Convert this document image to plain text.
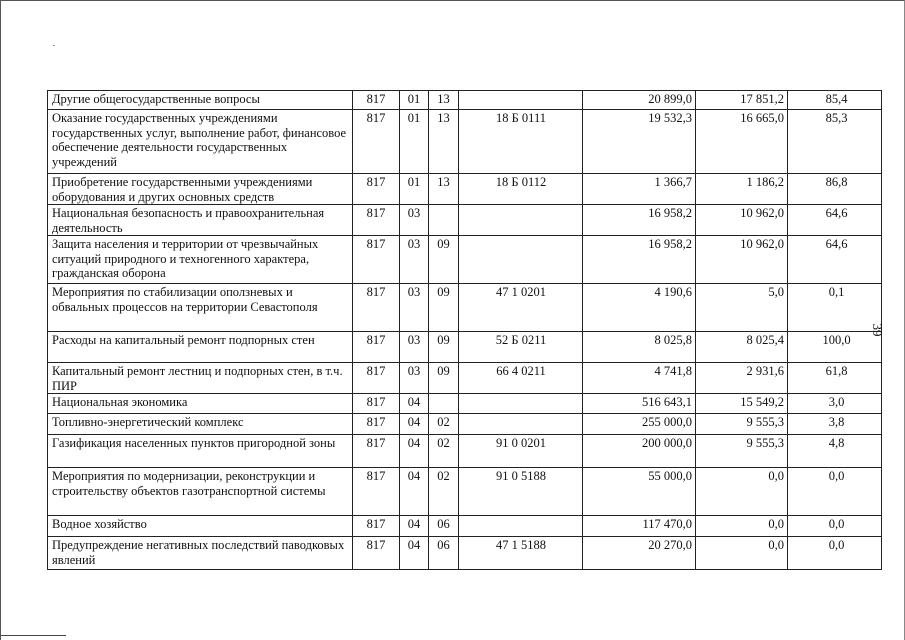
Другие общегосударственные вопросы	817	01	13		20 899,0	17 851,2	85,4
Оказание государственных учреждениями государственных услуг, выполнение работ, финансовое обеспечение деятельности государственных учреждений	817	01	13	18 Б 0111	19 532,3	16 665,0	85,3
Приобретение государственными учреждениями оборудования и других основных средств	817	01	13	18 Б 0112	1 366,7	1 186,2	86,8
Национальная безопасность и правоохранительная деятельность	817	03			16 958,2	10 962,0	64,6
Защита населения и территории от чрезвычайных ситуаций природного и техногенного характера, гражданская оборона	817	03	09		16 958,2	10 962,0	64,6
Мероприятия по стабилизации оползневых и обвальных процессов на территории Севастополя	817	03	09	47 1 0201	4 190,6	5,0	0,1
Расходы на капитальный ремонт подпорных стен	817	03	09	52 Б 0211	8 025,8	8 025,4	100,0
Капитальный ремонт лестниц и подпорных стен, в т.ч. ПИР	817	03	09	66 4 0211	4 741,8	2 931,6	61,8
Национальная экономика	817	04			516 643,1	15 549,2	3,0
Топливно-энергетический комплекс	817	04	02		255 000,0	9 555,3	3,8
Газификация населенных пунктов пригородной зоны	817	04	02	91 0 0201	200 000,0	9 555,3	4,8
Мероприятия по модернизации, реконструкции и строительству объектов газотранспортной системы	817	04	02	91 0 5188	55 000,0	0,0	0,0
Водное хозяйство	817	04	06		117 470,0	0,0	0,0
Предупреждение негативных последствий паводковых явлений	817	04	06	47 1 5188	20 270,0	0,0	0,0
39
